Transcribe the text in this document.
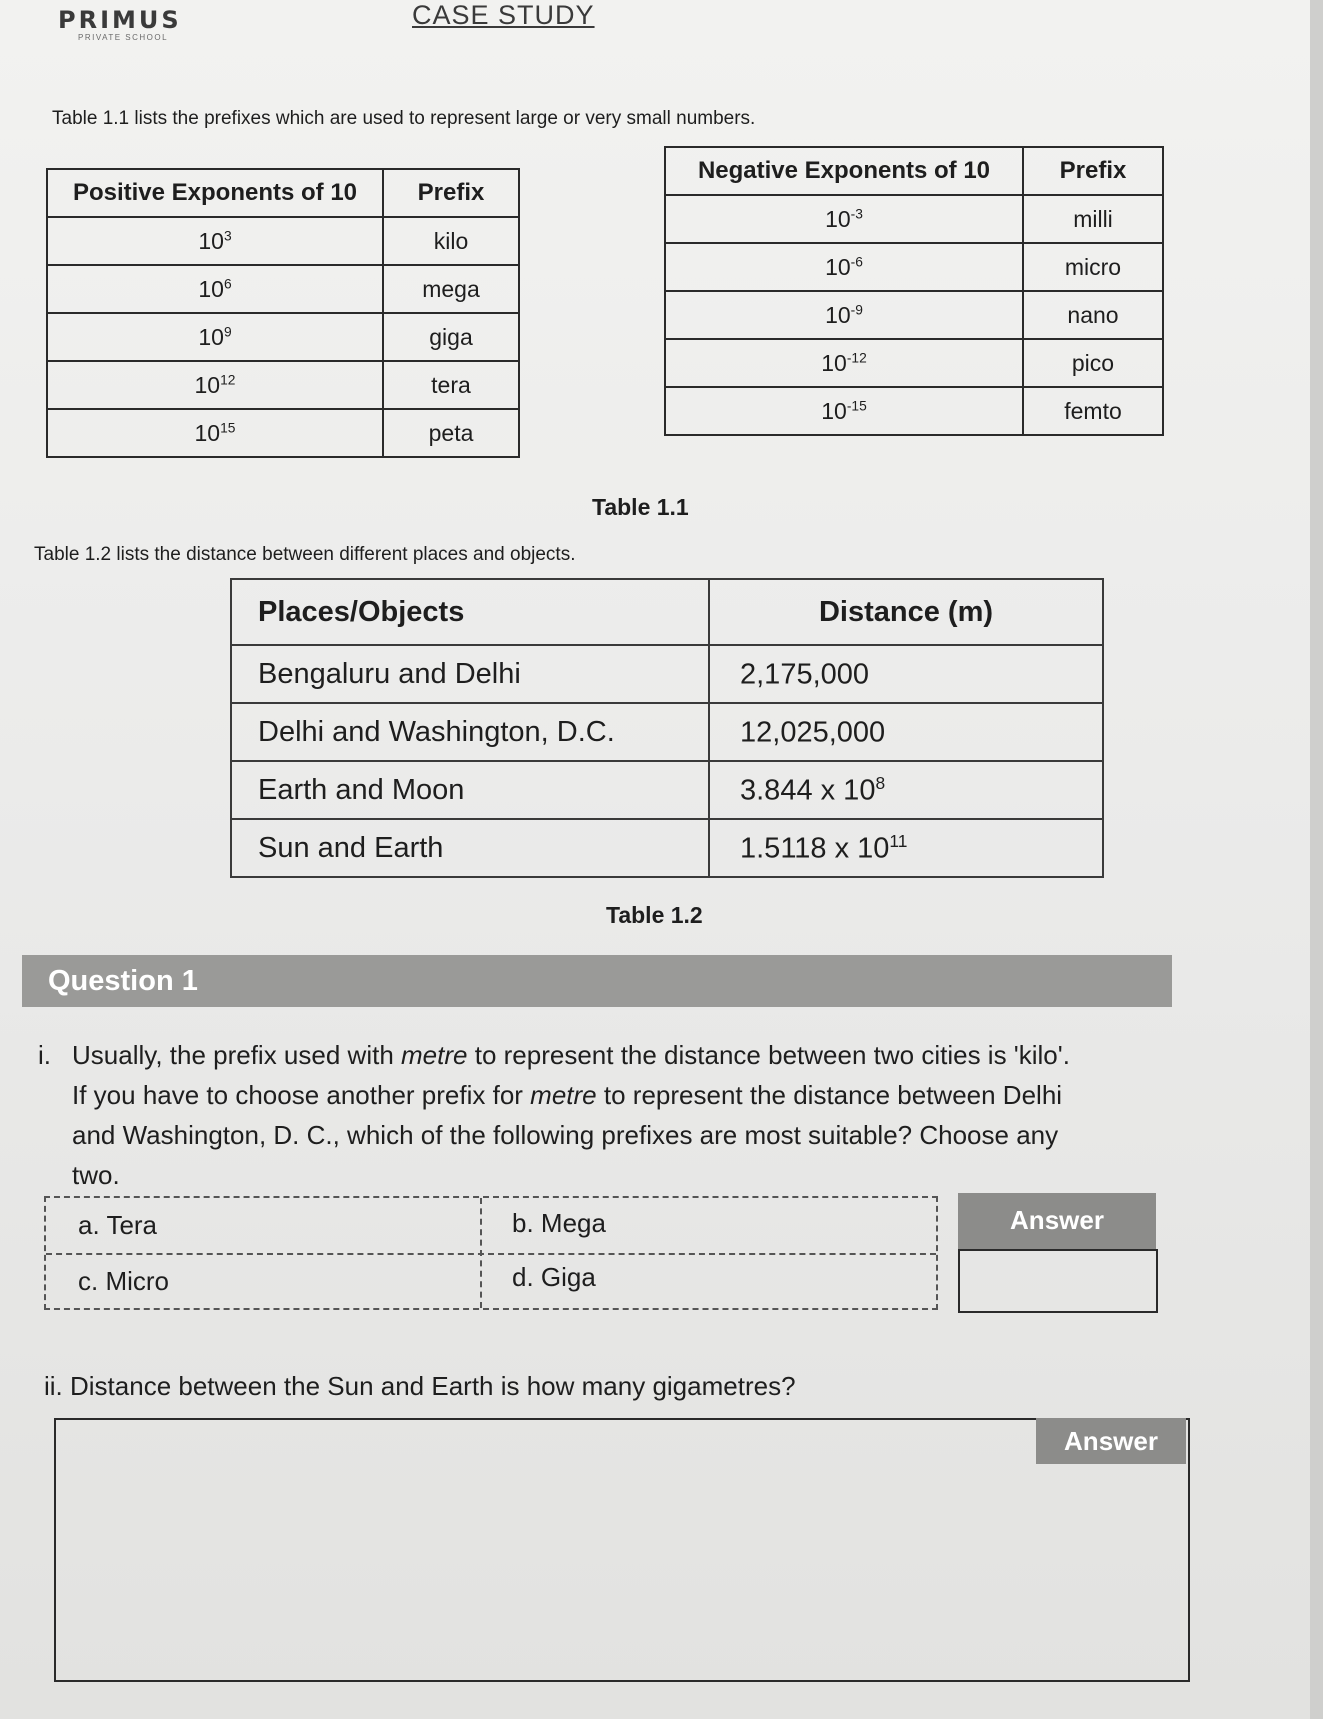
PRIMUS
PRIVATE SCHOOL
CASE STUDY
Table 1.1 lists the prefixes which are used to represent large or very small numbers.
Positive Exponents of 10	Prefix
$10^3$	kilo
$10^6$	mega
$10^9$	giga
$10^{12}$	tera
$10^{15}$	peta
Negative Exponents of 10	Prefix
$10^{-3}$	milli
$10^{-6}$	micro
$10^{-9}$	nano
$10^{-12}$	pico
$10^{-15}$	femto
Table 1.1
Table 1.2 lists the distance between different places and objects.
Places/Objects	Distance (m)
Bengaluru and Delhi	2,175,000
Delhi and Washington, D.C.	12,025,000
Earth and Moon	3.844 x $10^8$
Sun and Earth	1.5118 x $10^{11}$
Table 1.2
Question 1
i. Usually, the prefix used with metre to represent the distance between two cities is 'kilo'.
If you have to choose another prefix for metre to represent the distance between Delhi
and Washington, D. C., which of the following prefixes are most suitable? Choose any
two.
a. Tera	b. Mega
c. Micro	d. Giga
Answer
ii. Distance between the Sun and Earth is how many gigametres?
Answer
